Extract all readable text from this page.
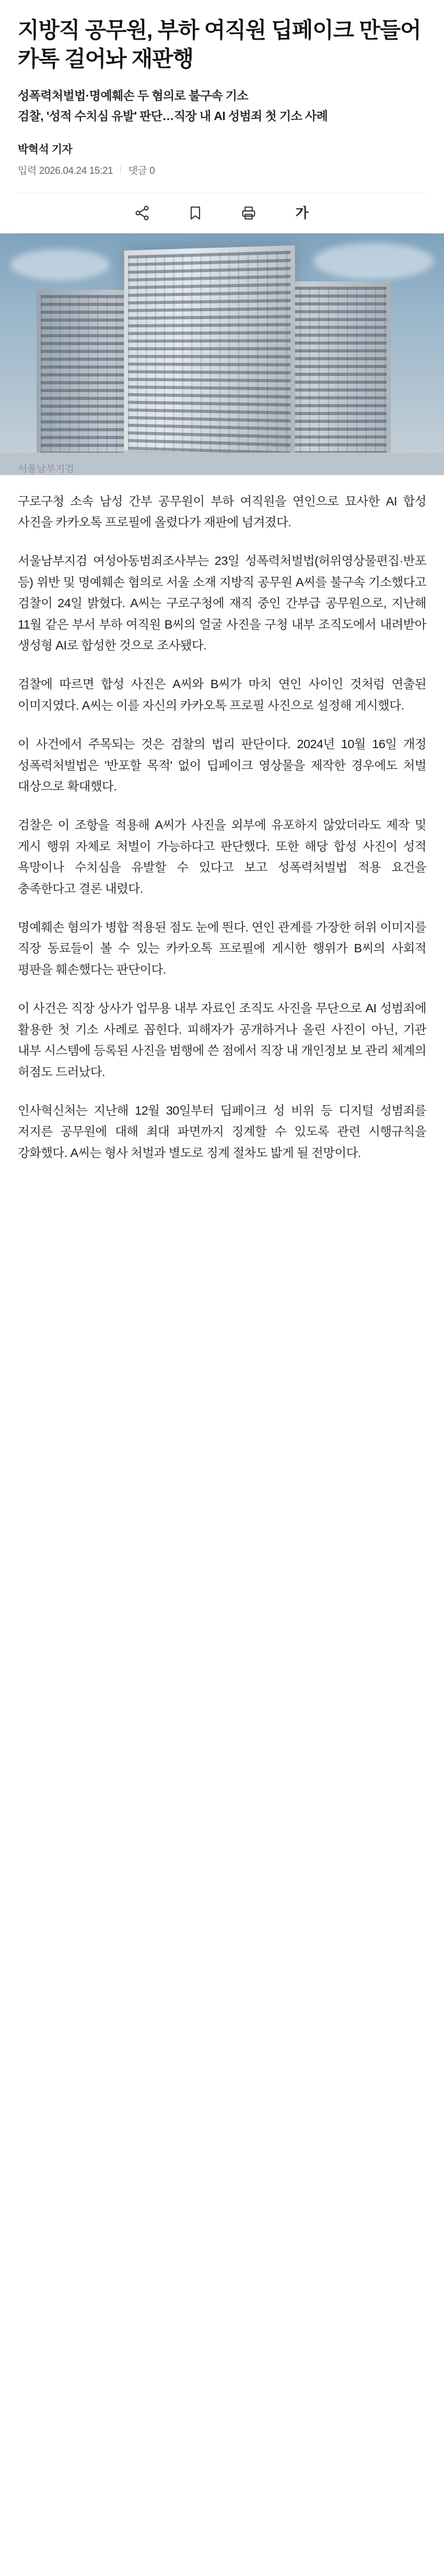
지방직 공무원, 부하 여직원 딥페이크 만들어 카톡 걸어놔 재판행
성폭력처벌법·명예훼손 두 혐의로 불구속 기소
검찰, '성적 수치심 유발' 판단…직장 내 AI 성범죄 첫 기소 사례
박혁석 기자
입력 2026.04.24 15:21 댓글 0
가
서울남부지검

구로구청 소속 남성 간부 공무원이 부하 여직원을 연인으로 묘사한 AI 합성 사진을 카카오톡 프로필에 올렸다가 재판에 넘겨졌다.

서울남부지검 여성아동범죄조사부는 23일 성폭력처벌법(허위영상물편집·반포 등) 위반 및 명예훼손 혐의로 서울 소재 지방직 공무원 A씨를 불구속 기소했다고 검찰이 24일 밝혔다. A씨는 구로구청에 재직 중인 간부급 공무원으로, 지난해 11월 같은 부서 부하 여직원 B씨의 얼굴 사진을 구청 내부 조직도에서 내려받아 생성형 AI로 합성한 것으로 조사됐다.

검찰에 따르면 합성 사진은 A씨와 B씨가 마치 연인 사이인 것처럼 연출된 이미지였다. A씨는 이를 자신의 카카오톡 프로필 사진으로 설정해 게시했다.

이 사건에서 주목되는 것은 검찰의 법리 판단이다. 2024년 10월 16일 개정 성폭력처벌법은 '반포할 목적' 없이 딥페이크 영상물을 제작한 경우에도 처벌 대상으로 확대했다.

검찰은 이 조항을 적용해 A씨가 사진을 외부에 유포하지 않았더라도 제작 및 게시 행위 자체로 처벌이 가능하다고 판단했다. 또한 해당 합성 사진이 성적 욕망이나 수치심을 유발할 수 있다고 보고 성폭력처벌법 적용 요건을 충족한다고 결론 내렸다.

명예훼손 혐의가 병합 적용된 점도 눈에 띈다. 연인 관계를 가장한 허위 이미지를 직장 동료들이 볼 수 있는 카카오톡 프로필에 게시한 행위가 B씨의 사회적 평판을 훼손했다는 판단이다.

이 사건은 직장 상사가 업무용 내부 자료인 조직도 사진을 무단으로 AI 성범죄에 활용한 첫 기소 사례로 꼽힌다. 피해자가 공개하거나 올린 사진이 아닌, 기관 내부 시스템에 등록된 사진을 범행에 쓴 점에서 직장 내 개인정보 보 관리 체계의 허점도 드러났다.

인사혁신처는 지난해 12월 30일부터 딥페이크 성 비위 등 디지털 성범죄를 저지른 공무원에 대해 최대 파면까지 징계할 수 있도록 관련 시행규칙을 강화했다. A씨는 형사 처벌과 별도로 징계 절차도 밟게 될 전망이다.
